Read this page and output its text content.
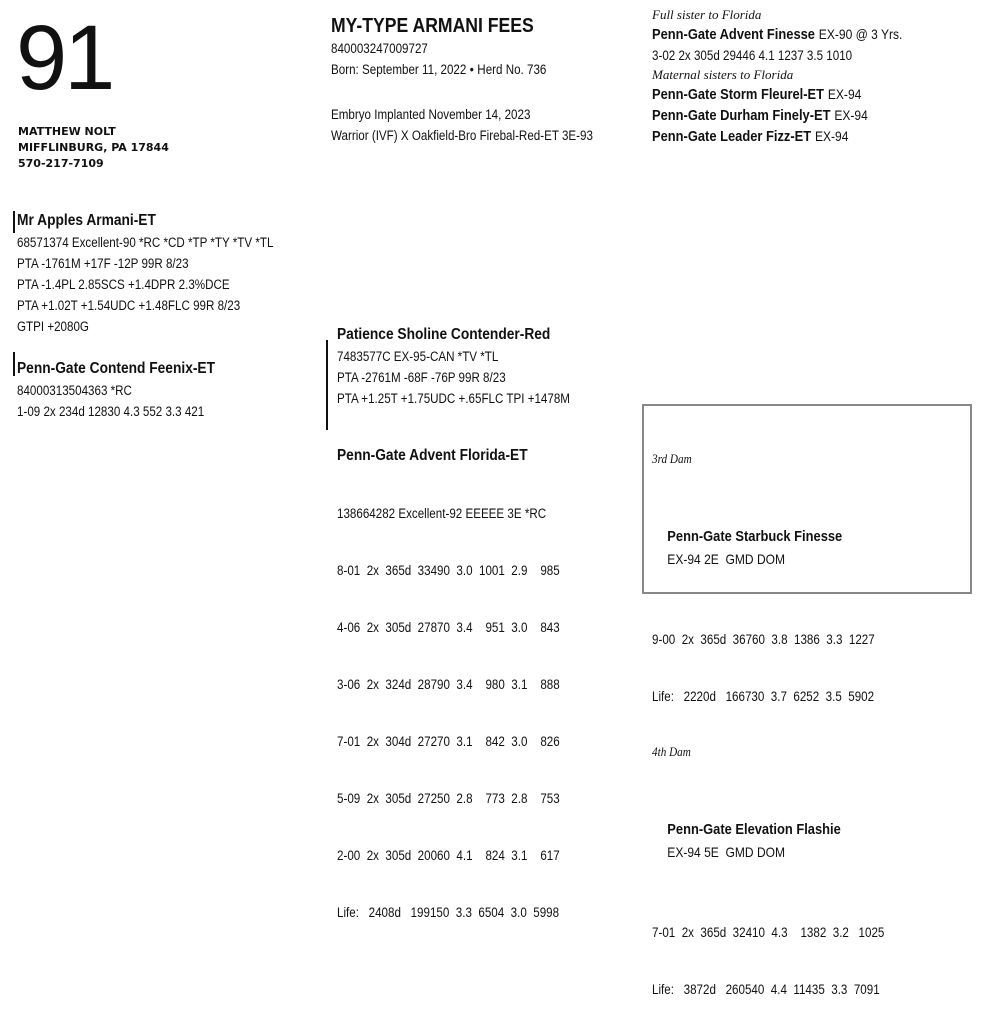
91
MATTHEW NOLT
MIFFLINBURG, PA 17844
570-217-7109
MY-TYPE ARMANI FEES
840003247009727
Born: September 11, 2022 • Herd No. 736
Embryo Implanted November 14, 2023
Warrior (IVF) X Oakfield-Bro Firebal-Red-ET 3E-93
Full sister to Florida
Penn-Gate Advent Finesse EX-90 @ 3 Yrs.
3-02 2x 305d 29446 4.1 1237 3.5 1010
Maternal sisters to Florida
Penn-Gate Storm Fleurel-ET EX-94
Penn-Gate Durham Finely-ET EX-94
Penn-Gate Leader Fizz-ET EX-94
Mr Apples Armani-ET
68571374 Excellent-90 *RC *CD *TP *TY *TV *TL
PTA -1761M +17F -12P 99R 8/23
PTA -1.4PL 2.85SCS +1.4DPR 2.3%DCE
PTA +1.02T +1.54UDC +1.48FLC 99R 8/23
GTPI +2080G
Penn-Gate Contend Feenix-ET
84000313504363 *RC
1-09 2x 234d 12830 4.3 552 3.3 421
Patience Sholine Contender-Red
7483577C EX-95-CAN *TV *TL
PTA -2761M -68F -76P 99R 8/23
PTA +1.25T +1.75UDC +.65FLC TPI +1478M

Penn-Gate Advent Florida-ET

138664282 Excellent-92 EEEEE 3E *RC

8-01  2x  365d  33490  3.0  1001  2.9    985

4-06  2x  305d  27870  3.4    951  3.0    843

3-06  2x  324d  28790  3.4    980  3.1    888

7-01  2x  304d  27270  3.1    842  3.0    826

5-09  2x  305d  27250  2.8    773  2.8    753

2-00  2x  305d  20060  4.1    824  3.1    617

Life:   2408d   199150  3.3  6504  3.0  5998

3rd Dam

Penn-Gate Starbuck Finesse
EX-94 2E  GMD DOM

9-00  2x  365d  36760  3.8  1386  3.3  1227

Life:   2220d   166730  3.7  6252  3.5  5902

4th Dam

Penn-Gate Elevation Flashie
EX-94 5E  GMD DOM

7-01  2x  365d  32410  4.3    1382  3.2   1025

Life:   3872d   260540  4.4  11435  3.3  7091
